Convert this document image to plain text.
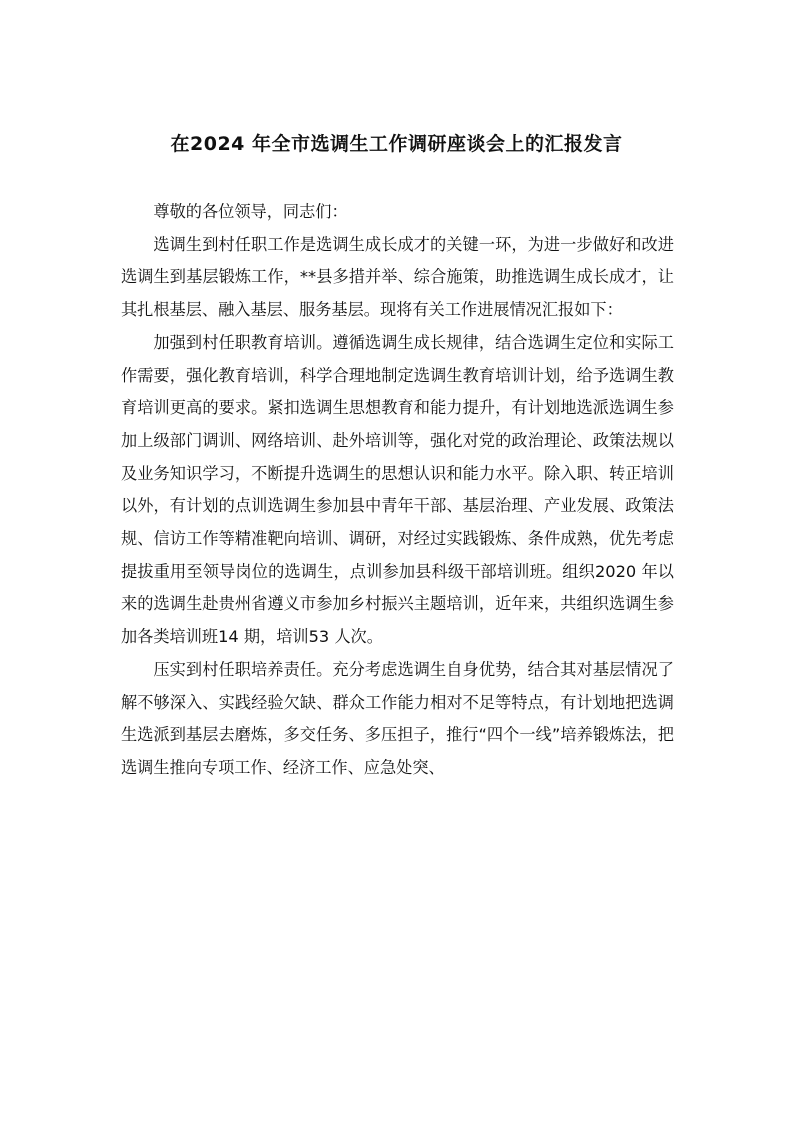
在2024 年全市选调生工作调研座谈会上的汇报发言

尊敬的各位领导，同志们：

选调生到村任职工作是选调生成长成才的关键一环，为进一步做好和改进选调生到基层锻炼工作，**县多措并举、综合施策，助推选调生成长成才，让其扎根基层、融入基层、服务基层。现将有关工作进展情况汇报如下：

加强到村任职教育培训。遵循选调生成长规律，结合选调生定位和实际工作需要，强化教育培训，科学合理地制定选调生教育培训计划，给予选调生教育培训更高的要求。紧扣选调生思想教育和能力提升，有计划地选派选调生参加上级部门调训、网络培训、赴外培训等，强化对党的政治理论、政策法规以及业务知识学习，不断提升选调生的思想认识和能力水平。除入职、转正培训以外，有计划的点训选调生参加县中青年干部、基层治理、产业发展、政策法规、信访工作等精准靶向培训、调研，对经过实践锻炼、条件成熟，优先考虑提拔重用至领导岗位的选调生，点训参加县科级干部培训班。组织2020 年以来的选调生赴贵州省遵义市参加乡村振兴主题培训，近年来，共组织选调生参加各类培训班14 期，培训53 人次。

压实到村任职培养责任。充分考虑选调生自身优势，结合其对基层情况了解不够深入、实践经验欠缺、群众工作能力相对不足等特点，有计划地把选调生选派到基层去磨炼，多交任务、多压担子，推行“四个一线”培养锻炼法，把选调生推向专项工作、经济工作、应急处突、
